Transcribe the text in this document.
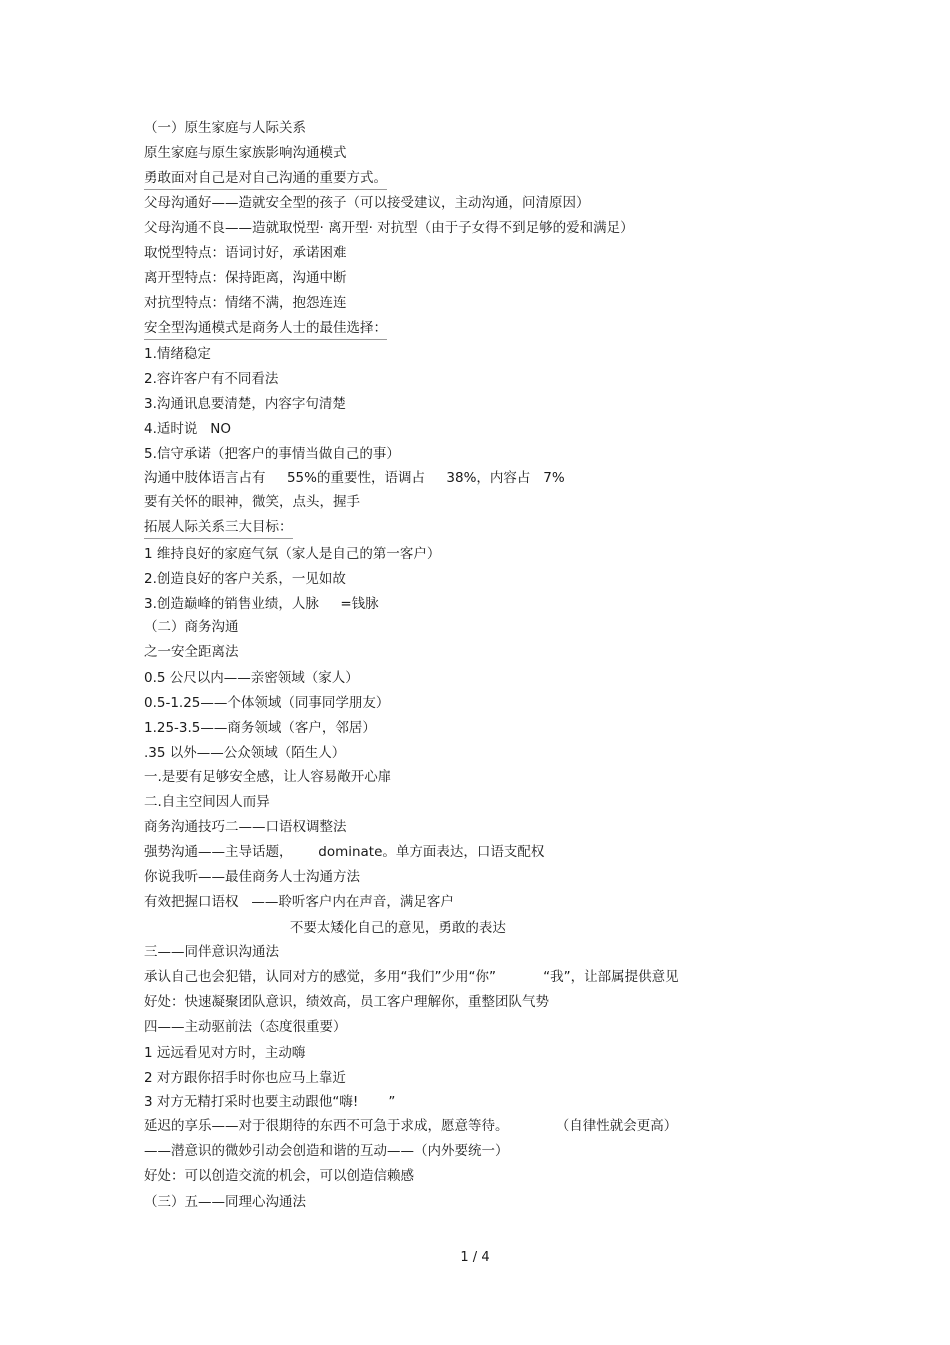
（一）原生家庭与人际关系

原生家庭与原生家族影响沟通模式

勇敢面对自己是对自己沟通的重要方式。

父母沟通好——造就安全型的孩子（可以接受建议，主动沟通，问清原因）

父母沟通不良——造就取悦型· 离开型· 对抗型（由于子女得不到足够的爱和满足）

取悦型特点：语词讨好，承诺困难

离开型特点：保持距离，沟通中断

对抗型特点：情绪不满，抱怨连连

安全型沟通模式是商务人士的最佳选择：

1.情绪稳定

2.容许客户有不同看法

3.沟通讯息要清楚，内容字句清楚

4.适时说   NO

5.信守承诺（把客户的事情当做自己的事）

沟通中肢体语言占有     55%的重要性，语调占     38%，内容占   7%

要有关怀的眼神，微笑，点头，握手

拓展人际关系三大目标：

1 维持良好的家庭气氛（家人是自己的第一客户）

2.创造良好的客户关系，一见如故

3.创造巅峰的销售业绩，人脉     =钱脉

（二）商务沟通

之一安全距离法

0.5 公尺以内——亲密领域（家人）

0.5-1.25——个体领域（同事同学朋友）

1.25-3.5——商务领域（客户，邻居）

.35 以外——公众领域（陌生人）

一.是要有足够安全感，让人容易敞开心扉

二.自主空间因人而异

商务沟通技巧二——口语权调整法

强势沟通——主导话题，      dominate。单方面表达，口语支配权

你说我听——最佳商务人士沟通方法

有效把握口语权   ——聆听客户内在声音，满足客户

不要太矮化自己的意见，勇敢的表达

三——同伴意识沟通法

承认自己也会犯错，认同对方的感觉，多用“我们”少用“你”           “我”，让部属提供意见

好处：快速凝聚团队意识，绩效高，员工客户理解你，重整团队气势

四——主动驱前法（态度很重要）

1 远远看见对方时，主动嗨

2 对方跟你招手时你也应马上靠近

3 对方无精打采时也要主动跟他“嗨!       ”

延迟的享乐——对于很期待的东西不可急于求成，愿意等待。           （自律性就会更高）

——潜意识的微妙引动会创造和谐的互动——（内外要统一）

好处：可以创造交流的机会，可以创造信赖感

（三）五——同理心沟通法

1 / 4
